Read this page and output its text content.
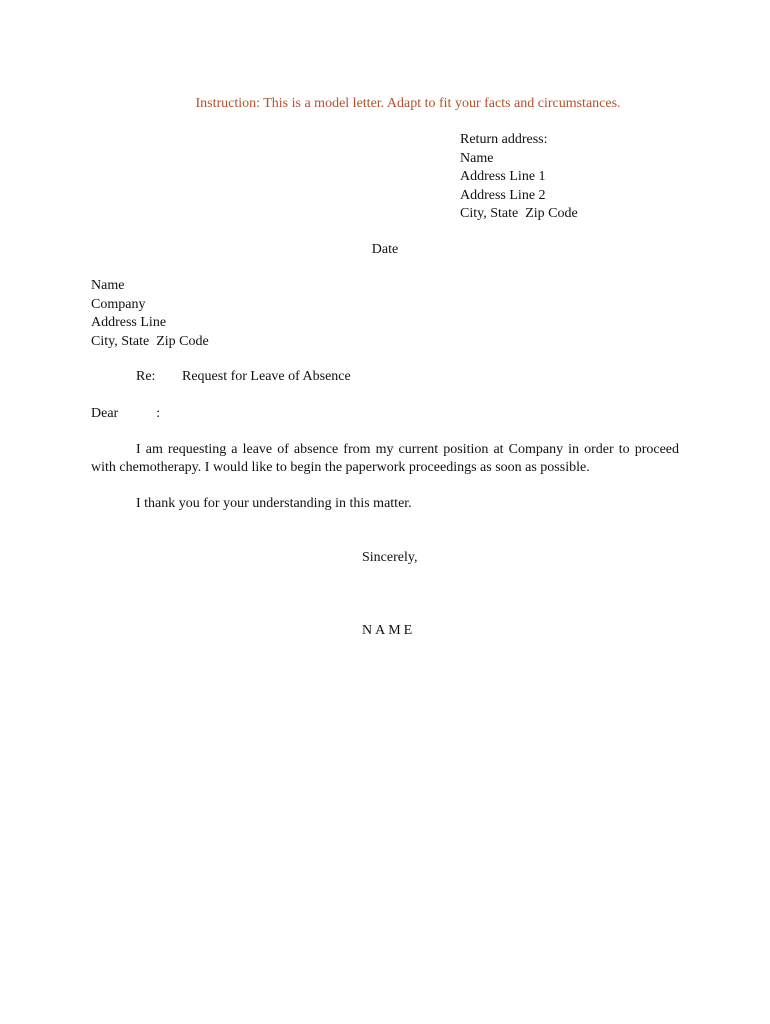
Instruction: This is a model letter. Adapt to fit your facts and circumstances.
Return address:
Name
Address Line 1
Address Line 2
City, State  Zip Code
Date
Name
Company
Address Line
City, State  Zip Code
Re: Request for Leave of Absence
Dear	:
I am requesting a leave of absence from my current position at Company in order to proceed with chemotherapy. I would like to begin the paperwork proceedings as soon as possible.
I thank you for your understanding in this matter.
Sincerely,
NAME
